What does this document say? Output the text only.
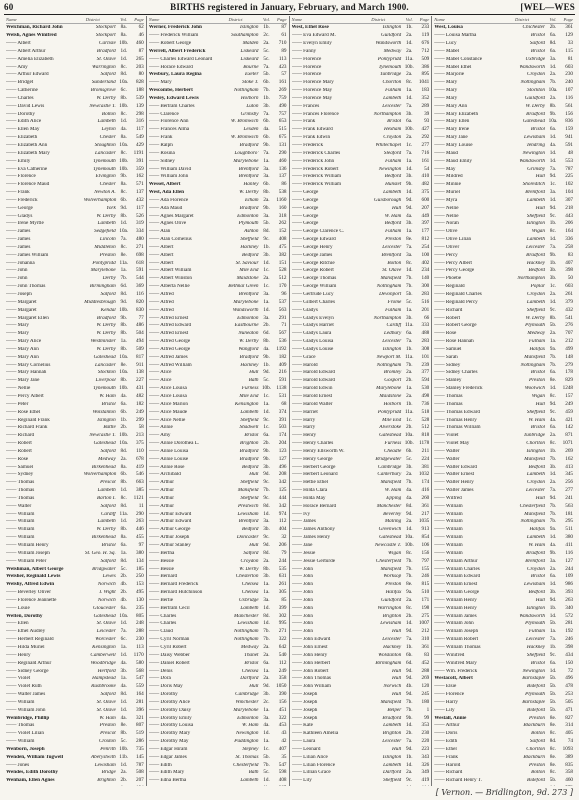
60	BIRTHS registered in January, February, and March 1900.	[WEL—WES
Name	District	Vol.	Page
Welchman, Richard John	Stockport 8a.	62
Welsh, Agnes Winifred	Stockport 8a.	46
—— Albert	Carlisle 10b.	460
—— Albert Arthur	Bradford 1d.	87
—— Amelia Elizabeth	St. Olave 1d.	265
—— Amy	Warrington 8c.	203
—— Arthur Edward	Salford 8d.	80
—— Bridget	Sunderland 10a.	828
—— Catherine	Bromsgrove 6c.	188
—— Charles	W. Derby 8b.	539
—— David Lewis	Newcastle T. 10b.	139
—— Dorothy	Bolton 8c.	298
—— Edith Alice	Lambeth 1d.	316
—— Ellen May	Leyton 4a.	117
—— Elizabeth	Chester 8a.	549
—— Elizabeth Ann	Stoughton 10a.	429
—— Elizabeth Mary	Lancaster 8c.	1191
—— Emily	Tynemouth 10b.	391
—— Eva Catherine	Tynemouth 10b.	359
—— Florence	Elvington 9b.	162
—— Florence Maud	Chester 8a.	571
—— Frank	Newton A. 8c.	137
—— Frederick	Wolverhampton 6b.	432
—— George	York 9d.	117
—— Gladys	W. Derby 8b.	526
—— Irene Myrtle	Lambeth 1d.	319
—— James	Sedgefield 10a.	334
—— James	Lincoln 7a.	480
—— James	Middleton 8c.	271
—— James William	Preston 8e.	698
—— Johanna	Pontypridd 11a.	618
—— John	Marylebone 1a.	591
—— John	Derby 7b.	544
—— John Thomas	Birmingham 6d.	369
—— Joseph	Salford 8d.	116
—— Margaret	Middlesbrough 9d.	820
—— Margaret	Kendal 10b.	830
—— Margaret Ellen	Bradford 9b.	77
—— Mary	W. Derby 8b.	486
—— Mary	W. Derby 8b.	504
—— Mary Alice	Westminster 1a.	494
—— Mary Ann	W. Derby 8b.	509
—— Mary Ann	Gateshead 10a.	817
—— Mary Cornelius	Lancaster 8e.	911
—— Mary Hannah	Stockton 10a.	138
—— Mary Jane	Liverpool 8b.	227
—— Nellie	Tynemouth 10b.	431
—— Percy Albert	W. Ham 4a.	482
—— Peter	Bristol 6a.	182
—— Rose Ethel	Wolstanton 6b.	249
—— Reginald Frank	Islington 1b.	299
—— Richard Frank	Battle 2b.	58
—— Richard	Newcastle T. 10b.	213
—— Robert	Gateshead 10a.	375
—— Robert	Salford 8d.	110
—— Rose	Medway 2a.	678
—— Samuel	Birkenhead 8a.	419
—— Sydney	Wolverhampton 6b.	546
—— Thomas	Prescot 8b.	663
—— Thomas	Lambeth 1d.	385
—— Thomas	Barton I. 8c.	1121
—— Walter	Salford 8d.	11
—— William	Cardiff 11a.	290
—— William	Lambeth 1d.	263
—— William	W. Derby 8b.	446
—— William	Birkenhead 8a.	455
—— William Henry	Bristol 6a.	97
—— William Joseph	St. Geo. H. Sq. 1a.	380
—— William Peter	Salford 8d.	134
Welshman, Albert George	Bridgwater 5c.	185
Welsher, Reginald Lewis	Lewes 2b.	250
Welshy, Alfred Edwin	Norwich 4b.	153
—— Beverley Oliver	I. Wight 2b.	495
—— Florence Jeannette	Norwich 4b.	130
—— Louie	Gloucester 6a.	235
Welten, Dorothy	Gateshead 10a.	805
—— Ellen	St. Olave 1d.	248
—— Ethel Audrey	Leicester 7a.	288
—— Herbert Reginald	Worcester 6c.	230
—— Hilda Muriel	Kensington 1a.	113
—— Henry	Camberwell 1d.	1170
—— Reginald Arthur	Woodbridge 4a.	580
—— Sidney George	Hertford 3b.	568
—— Violet	Hampstead 1a.	547
—— Violet Ruth	Rushbrooke 4a.	559
—— Walter James	Salford 8d.	164
—— William	St. Olave 1d.	281
—— William John	St. Olave 1d.	396
Wembridge, Phillip	W. Ham 4a.	321
—— Thomas	Preston 8e.	807
—— Violet Lilian	Prescot 8b.	519
—— William	Croxton 5c.	286
Wenborn, Joseph	Penrith 10b.	735
Wenden, William Tugwell	Aberystwith 11b.	145
—— Jones	Lewisham 1d.	787
Wendes, Edith Dorothy	Bridge 2a.	508
Wenham, Ellen Agnes	Brighton 2b.	207
Name	District	Vol.	Page
Werner, Frederick John	Islington 1b.	87
—— Frederick William	Southampton 2c.	61
—— Robert George	Malden 2a.	710
Werrell, Albert Frederick	Liskeard 5c.	89
—— Charles Edward Leonard	Liskeard 5c.	113
—— Horace Edward	Bourne 7a.	423
Wesbury, Laura Regina	Exeter 5b.	57
—— Mary	Stoke T. 6b.	161
Wescombe, Herbert	Nottingham 7b.	269
Wesley, Edward Lewis	Holborn 1b.	759
—— Bertram Charles	Luton 3b.	490
—— Clarence	Grimsby 7a.	757
—— Florence Ann	W. Bromwich 6b.	653
—— Frances Alma	Lexden 4a.	515
—— Frank	W. Bromwich 6b.	675
—— Ralph	Bradford 9b.	131
—— Rosina	Loughboro' 7a.	290
—— Sidney	Marylebone 1a.	460
—— William David	Brentford 3a.	136
—— William John	Brentford 3a.	137
Wessel, Albert	Hanley 6b.	86
West, Ada Ellen	W. Derby 8b.	538
—— Ada Florence	Elham 2a.	1160
—— Ada Maud	Bradford 9b.	160
—— Agnes Margaret	Edmonton 3a.	318
—— Agnes Olive	Plymouth 5b.	262
—— Alan	Ashton 8d.	152
—— Alan Cornelius	Sheffield 9c.	408
—— Albert	Hackney 1b.	475
—— Albert	Bedford 3b.	382
—— Albert	St. Saviour 1d.	151
—— Albert William	Mile End 1c.	528
—— Albert Winston	Maidstone 2a.	512
—— Alberta Nellie	Bethnal Green 1c.	170
—— Alfred	Brentford 3a.	96
—— Alfred	Marylebone 1a.	537
—— Alfred	Wandsworth 1d.	563
—— Alfred Ernest	Edmonton 3a.	291
—— Alfred Edward	Eastbourne 2b.	71
—— Alfred Ernest	Nuneaton 6d.	567
—— Alfred George	W. Derby 8b.	536
—— Alfred George	Wangford 4a.	1192
—— Alfred James	Bradford 9b.	182
—— Alfred William	Hackney 1b.	409
—— Alice	Hull 9d.	216
—— Alice	Bath 5c.	591
—— Alice Louisa	Furness 10b.	1138
—— Alice Louisa	Mile End 1c.	531
—— Alice Marion	Kensington 1a.	68
—— Alice Maude	Lambeth 1d.	374
—— Alice Nellie	Sheffield 9c.	391
—— Annie	Shadwell 1c.	503
—— Amy	Bristol 6a.	174
—— Annie Dorothea L.	Brighton 2b.	204
—— Annie Louisa	Bradford 9b.	123
—— Annie Louise	Bradford 9b.	127
—— Annie Rose	Bedford 3b.	496
—— Archibald	Hull 9d.	208
—— Arthur	Sheffield 9c.	342
—— Arthur	Mansfield 7b.	125
—— Arthur	Sheffield 9c.	444
—— Arthur	Prestwich 8d.	342
—— Arthur Edward	Lewisham 1d.	974
—— Arthur Edward	Brentford 3a.	112
—— Arthur George	Bedford 3b.	404
—— Arthur Joseph	Doncaster 9c.	32
—— Arthur Stanley	Hull 9d.	206
—— Bertha	Salford 8d.	79
—— Bessie	Croydon 2a.	244
—— Bessie	W. Derby 8b.	535
—— Bernard	Chesterton 3b.	631
—— Bernard Frederick	Chelsea 1a.	261
—— Bernard Hutchinson	Chelsea 1a.	305
—— Bertie	Uxbridge 3a.	85
—— Bertram Cecil	Lambeth 1d.	399
—— Charles	Manchester 8d.	302
—— Charles	Lewisham 1d.	995
—— Claud	Nottingham 7b.	271
—— Cyril Norman	Nottingham 7b.	322
—— Cyril Robert	Medway 2a.	642
—— Daisy Webber	Thanet 2a.	540
—— Daniel Robert	Bristol 6a.	112
—— Denis	Chelsea 1a.	249
—— Dora	Dartford 2a.	358
—— Doris May	Hull 9d.	1050
—— Dorothy	Cambridge 3b.	390
—— Dorothy Alice	Winchester 2c.	156
—— Dorothy Daisy	Marylebone 1a.	451
—— Dorothy Emily	Edmonton 3a.	322
—— Dorothy Louisa	W. Ham 4a.	453
—— Dorothy Mary	Newington 1d.	43
—— Dorothy May	Paddington 1a.	42
—— Edgar Hiram	Stepney 1c.	407
—— Edgar James	St. Thomas 5b.	35
—— Edith	Chesterfield 7b.	547
—— Edith Mary	Bath 5c.	598
—— Edna Bertha	Lambeth 1d.	408
Name	District	Vol.	Page
West, Ethel Rose	Islington 1b.	233
—— Eva Edward M.	Guildford 2a.	119
—— Evelyn Emily	Wandsworth 1d.	676
—— Fanny	Medway 2a.	712
—— Florence	Pontypridd 11a.	509
—— Florence	Tynemouth 10b.	386
—— Florence	Tunbridge 2a.	895
—— Florence Mary	Chorlton 8c.	1041
—— Florence May	Fulham 1a.	183
—— Florence May	Lambeth 1d.	352
—— Frances	Leicester 7a.	289
—— Frances Florence	Northampton 3b.	39
—— Frank	Bristol 6a.	93
—— Frank Edward	Hexham 10b.	427
—— Frank Edwin	Croydon 2a.	292
—— Frederick	Whitechapel 1c.	277
—— Frederick Charles	Sleaford 7a.	716
—— Frederick John	Fulham 1a.	161
—— Frederick Robert	Newington 1d.	54
—— Frederick William	Bedford 3b.	410
—— Frederick William	Hunslet 9b.	482
—— George	Lambeth 1d.	375
—— George	Guisborough 9d.	600
—— George	Hull 9d.	207
—— George	W. Ham 4a.	449
—— George	Bedford 3b.	397
—— George Clarence C.	Fulham 1a.	177
—— George Edward	Preston 8e.	812
—— George Henry	Leicester 7a.	254
—— George James	Brentford 3a.	100
—— George Ritchie	Bolton 8c.	402
—— George Robert	St. Olave 1d.	234
—— George Thomas	Mansfield 7b.	140
—— George William	Nottingham 7b.	300
—— Gertrude Lucy	Devonport 5b.	283
—— Gilbert Charles	Frome 5c.	516
—— Gladys	Fulham 1a.	201
—— Gladys Evelyn	Northampton 3b.	66
—— Gladys Harriet	Cardiff 11a.	333
—— Gladys Laura	Ledbury 6a.	488
—— Gladys Louisa	Leicester 7a.	283
—— Gladys Louise	Islington 1b.	308
—— Grace	Newport M. 11a.	101
—— Harold	Nottingham 7b.	239
—— Harold Edward	Bromley 2a.	377
—— Harold Edward	Gosport 2b.	594
—— Harold Edwin	Marylebone 1a.	530
—— Harold Ernest	Maidstone 2a.	498
—— Harold Walter	Holborn 1b.	736
—— Harriet	Pontypridd 11a.	518
—— Harry	Mile End 1c.	528
—— Harry	Alverstoke 2b.	512
—— Henry	Gateshead 10a.	818
—— Henry Charles	Furness 10b.	1178
—— Henry Ellsworth W.	Cheadle 6b.	211
—— Henry George	Bridgewater 5c.	224
—— Herbert George	Cambridge 3b.	381
—— Herbert Leonard	Canterbury 2a.	1032
—— Hettie Ethel	Mansfield 7b.	174
—— Hilda Clara	W. Ham 4a.	416
—— Hilda May	Epping 4a.	260
—— Horace Bernard	Manchester 8d.	361
—— Ivy	Beverley 9d.	217
—— James	Malling 2a.	1035
—— James Anthony	Greenwich 1d.	913
—— James Henry	Gateshead 10a.	854
—— Jane	Newcastle T. 10b.	106
—— Jessie	Wigan 8c.	156
—— Jessie Gerturde	Chesterfield 7b.	797
—— John	Mansfield 7b.	155
—— John	Worksop 7b.	246
—— John	Preston 8e.	815
—— John	Halifax 9a.	510
—— John	Guildford 2a.	171
—— John	Warrington 8c.	198
—— John	Brighton 2b.	275
—— John	Lewisham 1d.	1007
—— John	Hull 9d.	212
—— John Edward	Leicester 7a.	310
—— John Ernest	Hackney 1b.	361
—— John Henry	Wolstanton 6b.	83
—— John Herbert	Birmingham 6d.	452
—— John Robert	Hull 9d.	288
—— John Thomas	Hull 9d.	269
—— John William	Norwich 4b.	120
—— Joseph	Hull 9d.	245
—— Joseph	Mansfield 7b.	180
—— Joseph	Belper 7b.	1
—— Joseph	Bradford 9b.	99
—— Kate	Lambeth 1d.	353
—— Kathleen Amelia	Brighton 2b.	230
—— Laura	Leicester 7a.	220
—— Leonard	Hull 9d.	223
—— Lilian Alice	Islington 1b.	343
—— Lilian Florence	Lambeth 1d.	326
—— Lillian Grace	Dartford 2a.	349
—— Lily	Sheffield 9c.	419
Name	District	Vol.	Page
West, Louisa	Chichester 2b.	361
—— Louisa Martha	Bristol 6a.	129
—— Lucy	Salford 8d.	33
—— Mabel	Bristol 6a.	115
—— Mabel Constance	Uxbridge 3a.	81
—— Mabel Ethel	Wandsworth 1d.	603
—— Marjorie	Croydon 2a.	230
—— Mary	Nottingham 7b.	240
—— Mary	Stockton 10a.	107
—— Mary	Guildford 2a.	116
—— Mary Ann	W. Derby 8b.	561
—— Mary Elizabeth	Bradford 9b.	156
—— Mary Ellen	Gateshead 10a.	836
—— Mary Irene	Bristol 6a.	159
—— Mary Jane	Lewisham 1d.	941
—— Mary Louise	Tendring 4a.	591
—— Maud	Newington 1d.	48
—— Maud Emily	Wandsworth 1d.	553
—— May	Grimsby 7a.	787
—— Mildred	Hull 9d.	225
—— Minnie	Shoreditch 1c.	102
—— Muriel	Brentford 3a.	104
—— Myra	Lambeth 1d.	307
—— Nellie	Hull 9d.	218
—— Nellie	Sheffield 9c.	443
—— Norah	Islington 1b.	206
—— Olive	Wigan 8c.	164
—— Olive Lilian	Lambeth 1d.	336
—— Oliver	Leicester 7a.	258
—— Percy	Bradford 9b.	83
—— Percy Albert	Hackney 1b.	407
—— Percy George	Bedford 3b.	398
—— Phoebe	Northampton 3b.	50
—— Reginald	Poplar 1c.	603
—— Reginald Charles	Croydon 2a.	261
—— Reginald Percy	Lambeth 1d.	379
—— Richard	Sheffield 9c.	432
—— Robert	W. Derby 8b.	541
—— Robert George	Plymouth 5b.	276
—— Rose	Medway 2a.	707
—— Rose Hannah	Fulham 1a.	212
—— Samuel	Halifax 9a.	499
—— Sarah	Mansfield 7b.	148
—— Sidney	Nottingham 7b.	279
—— Sidney Charles	Bristol 6a.	178
—— Stanley	Preston 8e.	829
—— Stanley Frederick	Woolwich 1d.	1248
—— Thomas	Wigan 8c.	157
—— Thomas	Hull 9d.	249
—— Thomas Edward	Sheffield 9c.	459
—— Thomas Henry	W. Ham 4a.	421
—— Thomas William	Bristol 6a.	142
—— Violet	Tunbridge 2a.	871
—— Violet May	Chorlton 8c.	1071
—— Walter	Islington 1b.	269
—— Walter	Mansfield 7b.	162
—— Walter Edward	Bedford 3b.	413
—— Walter Ernest	Lambeth 1d.	345
—— Walter Henry	Croydon 2a.	256
—— Walter James	Leicester 7a.	277
—— Wilfred	Hull 9d.	241
—— William	Chesterfield 7b.	563
—— William	Mansfield 7b.	181
—— William	Nottingham 7b.	295
—— William	Halifax 9a.	511
—— William	Lambeth 1d.	380
—— William	W. Ham 4a.	411
—— William	Bradford 9b.	116
—— William Arthur	Brentford 3a.	127
—— William Charles	Croydon 2a.	244
—— William Edward	Bristol 6a.	109
—— William Ernest	Lewisham 1d.	986
—— William George	Bedford 3b.	393
—— William Henry	Hull 9d.	263
—— William Henry	Islington 1b.	340
—— William James	Wandsworth 1d.	572
—— William John	Plymouth 5b.	281
—— William Joseph	Fulham 1a.	192
—— William Robert	Leicester 7a.	246
—— William Thomas	Hackney 1b.	398
—— Winifred	Sheffield 9c.	434
—— Winifred Mary	Bristol 6a.	150
—— Wm. Frederick	Newington 1d.	72
Westacott, Albert	Barnstaple 5b.	496
—— Elsie	Bideford 5b.	478
—— Florence	Plymouth 5b.	253
—— Harry	Barnstaple 5b.	505
—— Lily	Bideford 5b.	471
Westall, Annie	Preston 8e.	827
—— Arthur	Blackburn 8e.	314
—— Doris	Bolton 8c.	405
—— Edith	Salford 8d.	74
—— Ethel	Chorlton 8c.	1093
—— Frank	Blackburn 8e.	389
—— Harold	Preston 8e.	835
—— Richard	Bolton 8c.	358
—— Richard Henry T.	Bideford 5b.	460
[ Vernon. — Bridlington, 9d. 273 ]
